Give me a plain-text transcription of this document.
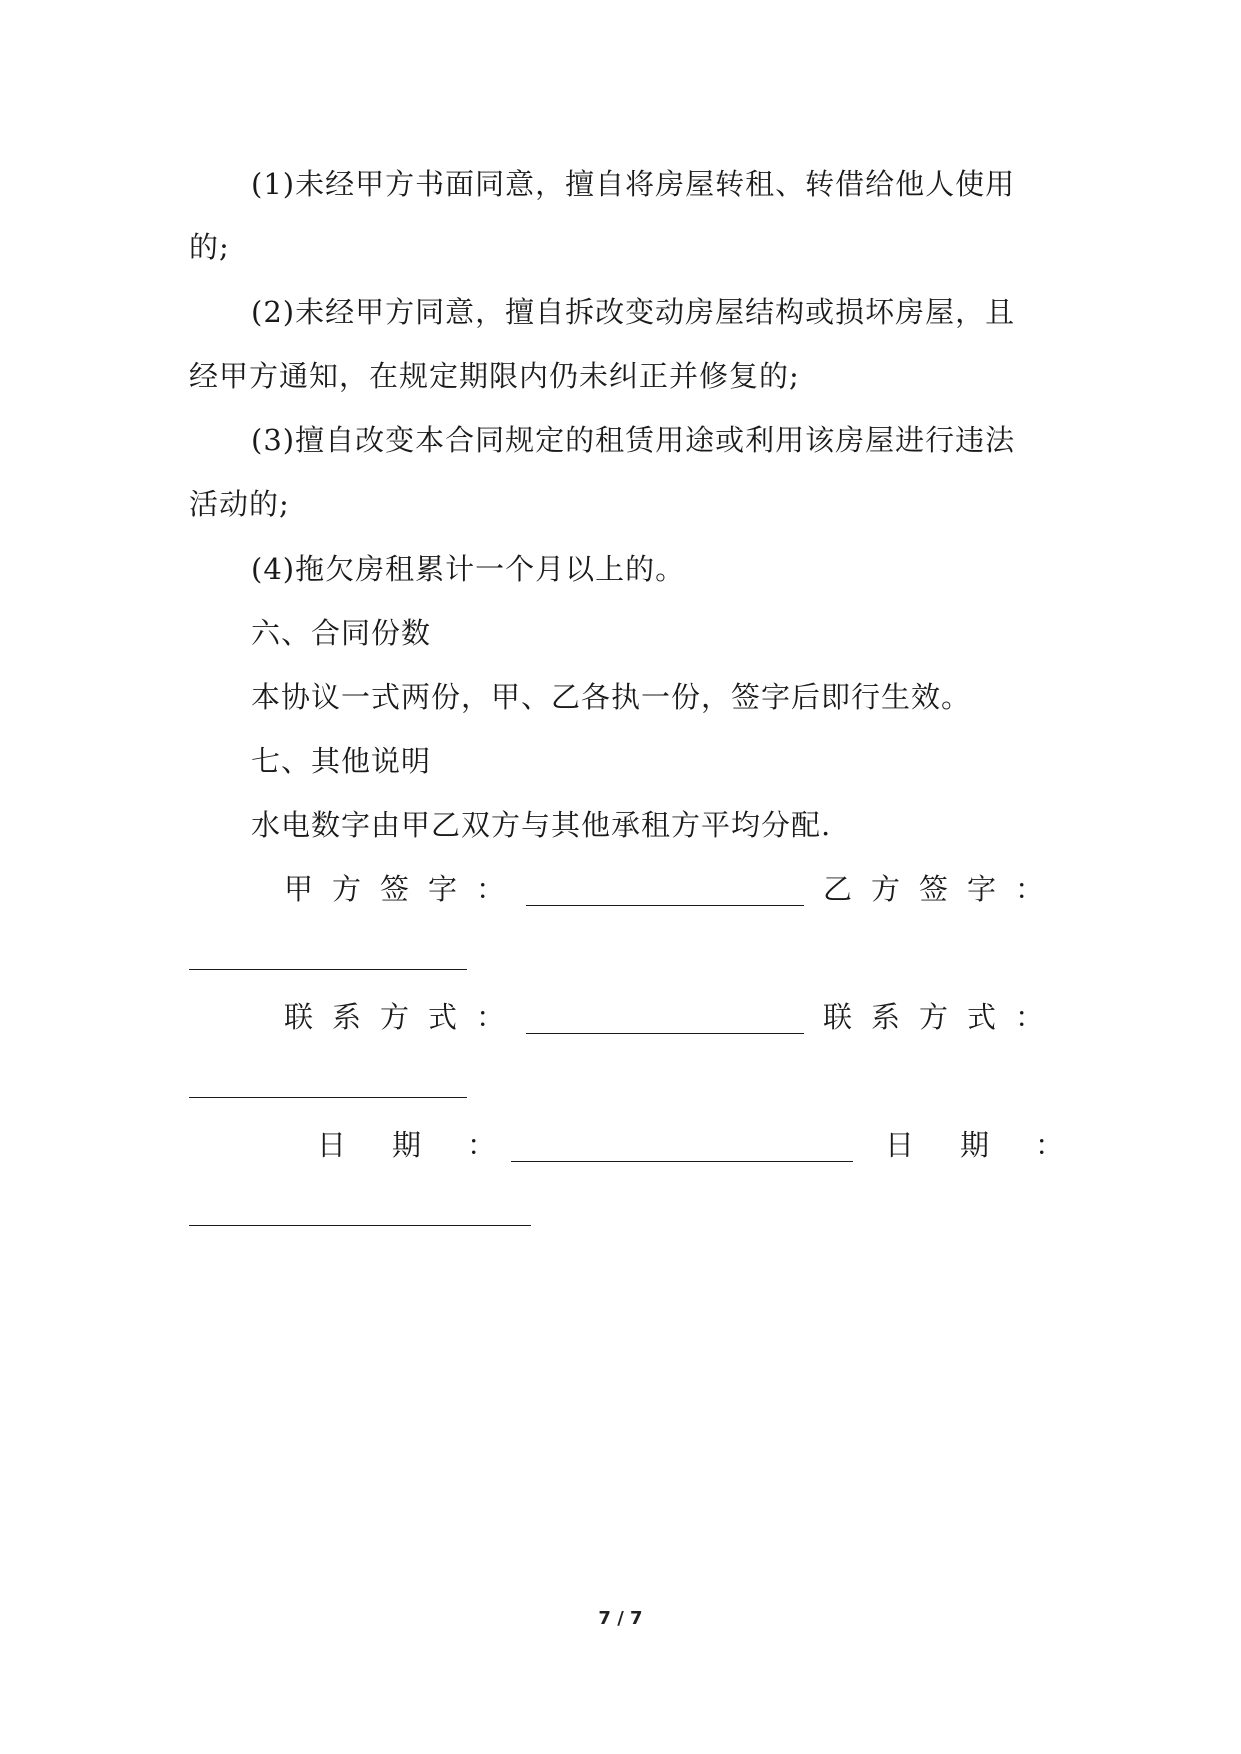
(1)未经甲方书面同意，擅自将房屋转租、转借给他人使用
的;
(2)未经甲方同意，擅自拆改变动房屋结构或损坏房屋，且
经甲方通知，在规定期限内仍未纠正并修复的;
(3)擅自改变本合同规定的租赁用途或利用该房屋进行违法
活动的;
(4)拖欠房租累计一个月以上的。
六、合同份数
本协议一式两份，甲、乙各执一份，签字后即行生效。
七、其他说明
水电数字由甲乙双方与其他承租方平均分配.
甲方签字：	乙方签字：
联系方式：	联系方式：
日期：	日期：
7 / 7
